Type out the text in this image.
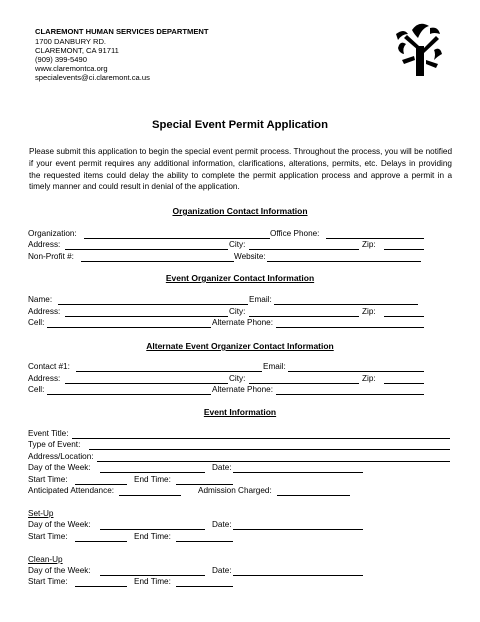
CLAREMONT HUMAN SERVICES DEPARTMENT
1700 DANBURY RD.
CLAREMONT, CA 91711
(909) 399-5490
www.claremontca.org
specialevents@ci.claremont.ca.us
Special Event Permit Application
Please submit this application to begin the special event permit process. Throughout the process, you will be notified if your event permit requires any additional information, clarifications, alterations, permits, etc. Delays in providing the requested items could delay the ability to complete the permit application process and approve a permit in a timely manner and could result in denial of the application.
Organization Contact Information
Organization:	Office Phone:
Address:	City:	Zip:
Non-Profit #:	Website:
Event Organizer Contact Information
Name:	Email:
Address:	City:	Zip:
Cell:	Alternate Phone:
Alternate Event Organizer Contact Information
Contact #1:	Email:
Address:	City:	Zip:
Cell:	Alternate Phone:
Event Information
Event Title:
Type of Event:
Address/Location:
Day of the Week:	Date:
Start Time:	End Time:
Anticipated Attendance:	Admission Charged:
Set-Up
Day of the Week:	Date:
Start Time:	End Time:
Clean-Up
Day of the Week:	Date:
Start Time:	End Time:
